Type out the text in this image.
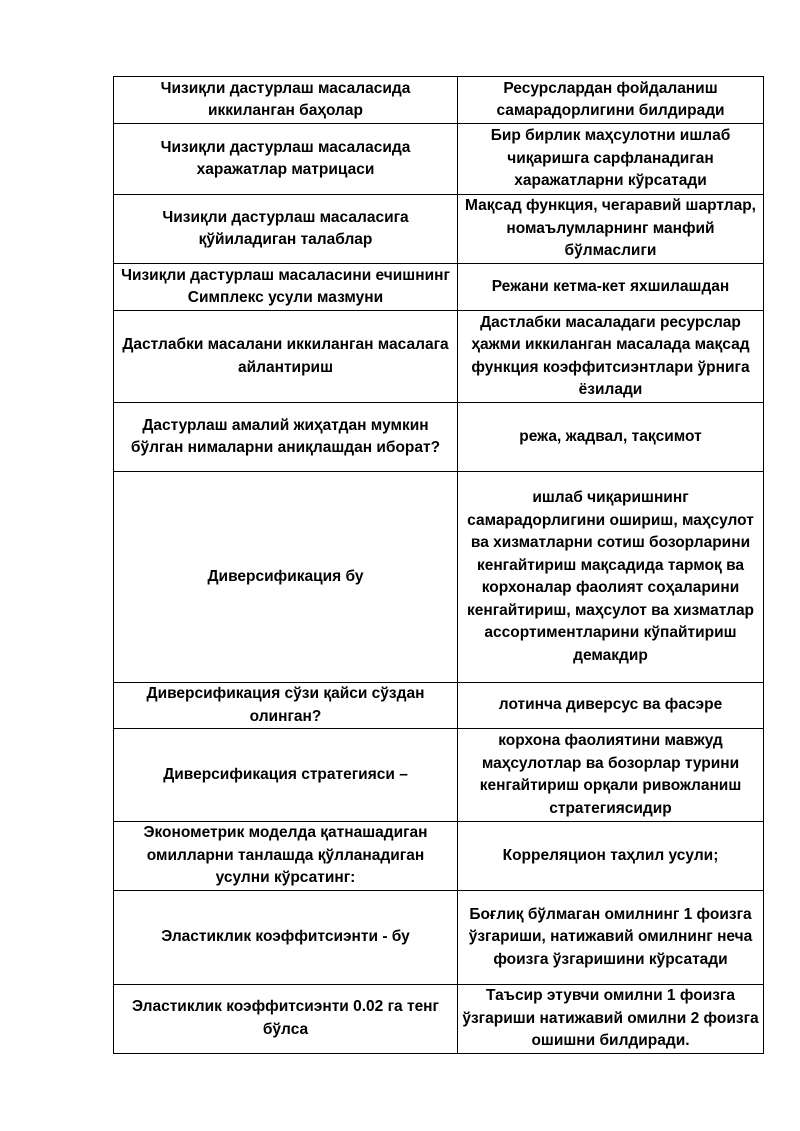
Чизиқли дастурлаш масаласида иккиланган баҳолар	Ресурслардан фойдаланиш самарадорлигини билдиради
Чизиқли дастурлаш масаласида харажатлар матрицаси	Бир бирлик маҳсулотни ишлаб чиқаришга сарфланадиган харажатларни кўрсатади
Чизиқли дастурлаш масаласига қўйиладиган талаблар	Мақсад функция, чегаравий шартлар, номаълумларнинг манфий бўлмаслиги
Чизиқли дастурлаш масаласини ечишнинг Симплекс усули мазмуни	Режани кетма-кет яхшилашдан
Дастлабки масалани иккиланган масалага айлантириш	Дастлабки масаладаги ресурслар ҳажми иккиланган масалада мақсад функция коэффитсиэнтлари ўрнига ёзилади
Дастурлаш амалий жиҳатдан мумкин бўлган нималарни аниқлашдан иборат?	режа, жадвал, тақсимот
Диверсификация бу	ишлаб чиқаришнинг самарадорлигини ошириш, маҳсулот ва хизматларни сотиш бозорларини кенгайтириш мақсадида тармоқ ва корхоналар фаолият соҳаларини кенгайтириш, маҳсулот ва хизматлар ассортиментларини кўпайтириш демакдир
Диверсификация сўзи қайси сўздан олинган?	лотинча диверсус ва фасэре
Диверсификация стратегияси –	корхона фаолиятини мавжуд маҳсулотлар ва бозорлар турини кенгайтириш орқали ривожланиш стратегиясидир
Эконометрик моделда қатнашадиган омилларни танлашда қўлланадиган усулни кўрсатинг:	Корреляцион таҳлил усули;
Эластиклик коэффитсиэнти - бу	Боғлиқ бўлмаган омилнинг 1 фоизга ўзгариши, натижавий омилнинг неча фоизга ўзгаришини кўрсатади
Эластиклик коэффитсиэнти 0.02 га тенг бўлса	Таъсир этувчи омилни 1 фоизга ўзгариши натижавий омилни 2 фоизга ошишни билдиради.
